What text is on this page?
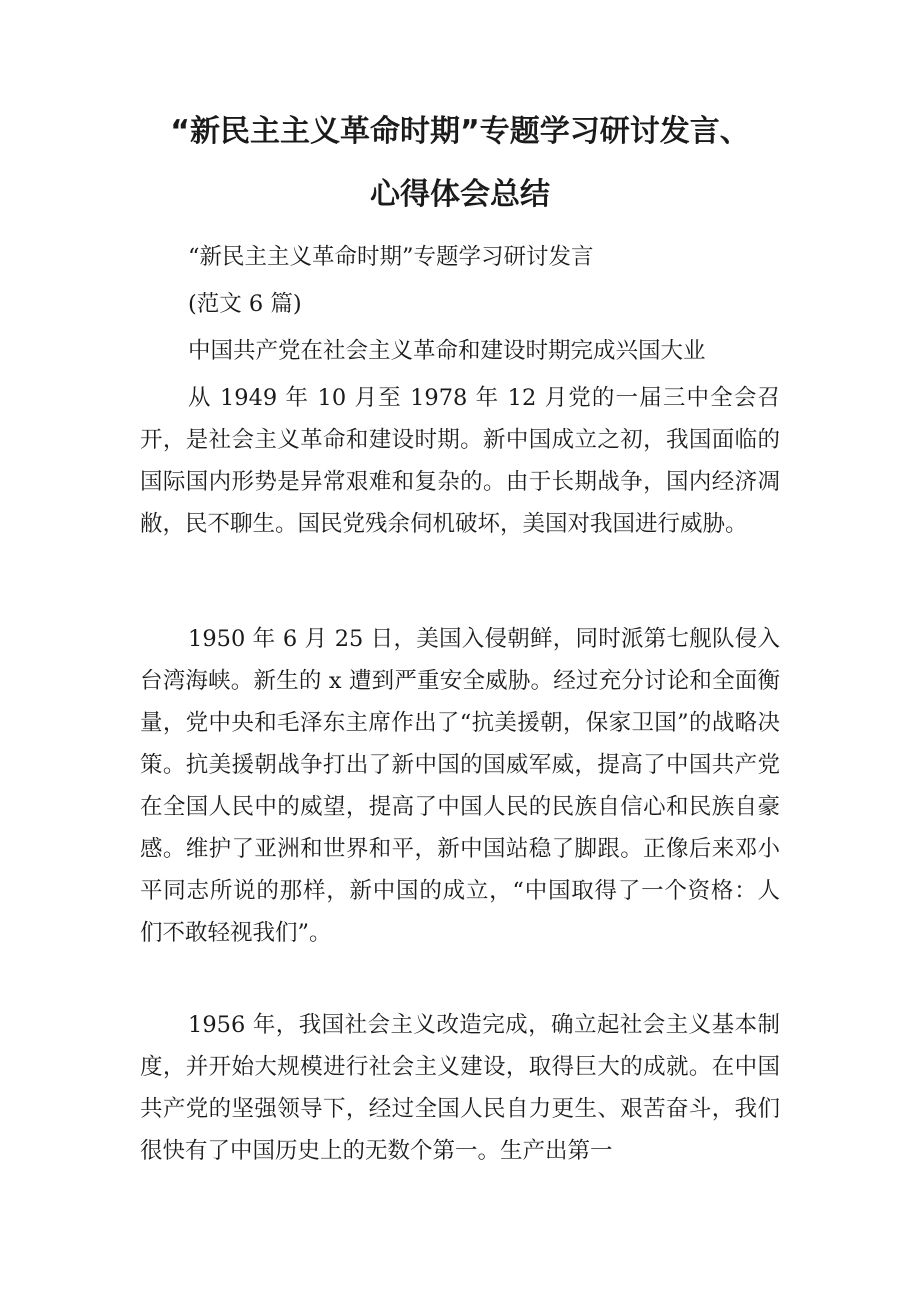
“新民主主义革命时期”专题学习研讨发言、
心得体会总结

“新民主主义革命时期”专题学习研讨发言

(范文 6 篇)

中国共产党在社会主义革命和建设时期完成兴国大业

从 1949 年 10 月至 1978 年 12 月党的一届三中全会召开，是社会主义革命和建设时期。新中国成立之初，我国面临的国际国内形势是异常艰难和复杂的。由于长期战争，国内经济凋敝，民不聊生。国民党残余伺机破坏，美国对我国进行威胁。

1950 年 6 月 25 日，美国入侵朝鲜，同时派第七舰队侵入台湾海峡。新生的 x 遭到严重安全威胁。经过充分讨论和全面衡量，党中央和毛泽东主席作出了“抗美援朝，保家卫国”的战略决策。抗美援朝战争打出了新中国的国威军威，提高了中国共产党在全国人民中的威望，提高了中国人民的民族自信心和民族自豪感。维护了亚洲和世界和平，新中国站稳了脚跟。正像后来邓小平同志所说的那样，新中国的成立，“中国取得了一个资格：人们不敢轻视我们”。

1956 年，我国社会主义改造完成，确立起社会主义基本制度，并开始大规模进行社会主义建设，取得巨大的成就。在中国共产党的坚强领导下，经过全国人民自力更生、艰苦奋斗，我们很快有了中国历史上的无数个第一。生产出第一
